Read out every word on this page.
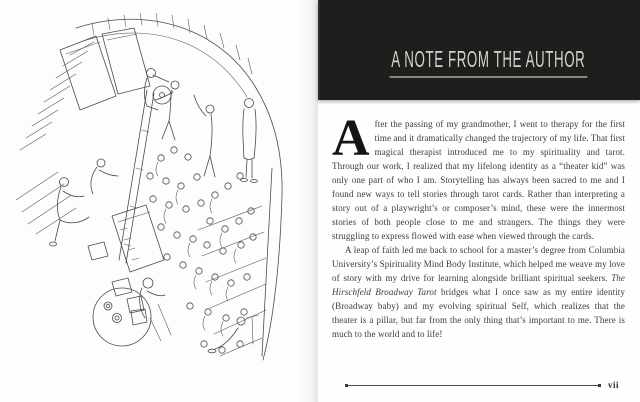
A NOTE FROM THE AUTHOR

After the passing of my grandmother, I went to therapy for the first time and it dramatically changed the trajectory of my life. That first magical therapist introduced me to my spirituality and tarot. Through our work, I realized that my lifelong identity as a “theater kid” was only one part of who I am. Storytelling has always been sacred to me and I found new ways to tell stories through tarot cards. Rather than interpreting a story out of a playwright’s or composer’s mind, these were the innermost stories of both people close to me and strangers. The things they were struggling to express flowed with ease when viewed through the cards.

A leap of faith led me back to school for a master’s degree from Columbia University’s Spirituality Mind Body Institute, which helped me weave my love of story with my drive for learning alongside brilliant spiritual seekers. The Hirschfeld Broadway Tarot bridges what I once saw as my entire identity (Broadway baby) and my evolving spiritual Self, which realizes that the theater is a pillar, but far from the only thing that’s important to me. There is much to the world and to life!

vii
